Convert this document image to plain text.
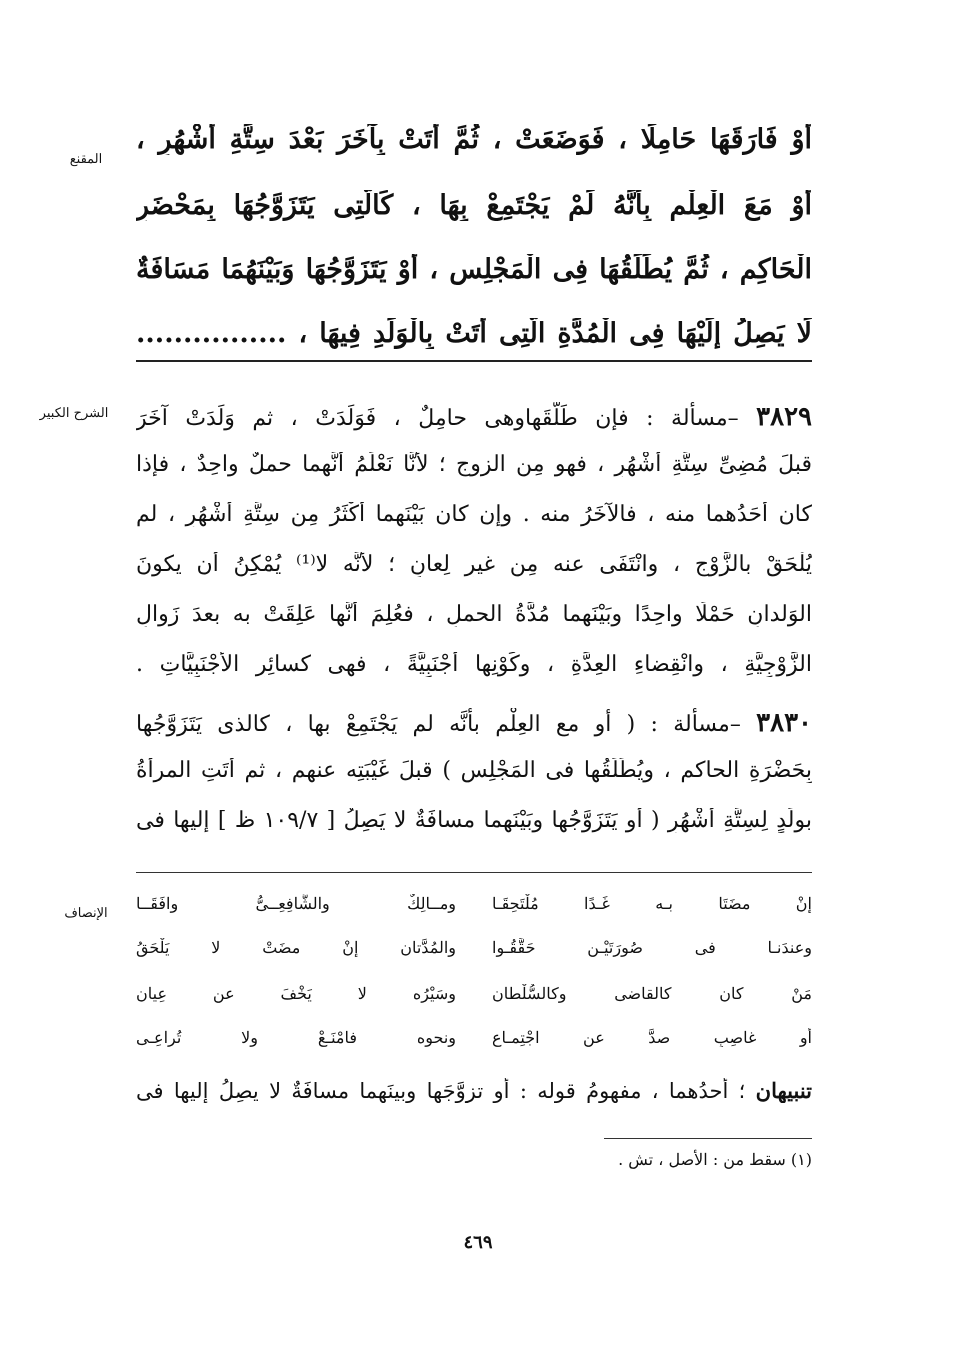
المقنع
الشرح الكبير
الإنصاف
أَوْ فَارَقَهَا حَامِلًا ، فَوَضَعَتْ ، ثُمَّ أَتَتْ بِآخَرَ بَعْدَ سِتَّةِ أَشْهُرٍ ،
أَوْ مَعَ الْعِلْمِ بِأَنَّهُ لَمْ يَجْتَمِعْ بِهَا ، كَالَّتِى يَتَزَوَّجُهَا بِمَحْضَرِ
الْحَاكِمِ ، ثُمَّ يُطَلِّقُهَا فِى الْمَجْلِسِ ، أَوْ يَتَزَوَّجُهَا وَبَيْنَهُمَا مَسَافَةٌ
لَا يَصِلُ إِلَيْهَا فِى الْمُدَّةِ الَّتِى أَتَتْ بِالْوَلَدِ فِيهَا ، ................
٣٨٢٩ –مسألة : فإن طَلَّقَهاوهى حامِلٌ ، فَوَلَدَتْ ، ثم وَلَدَتْ آخَرَ
قبلَ مُضِىِّ سِتَّةِ أشْهُرٍ ، فهو مِن الزوجِ ؛ لأنَّا نَعْلَمُ أنَّهما حملٌ واحِدٌ ، فإذا
كان أحَدُهما منه ، فالآخَرُ منه . وإن كان بَيْنَهما أكْثَرُ مِن سِتَّةِ أشْهُرٍ ، لم
يُلْحَقْ بالزَّوْجِ ، وانْتَفَى عنه مِن غيرِ لِعانٍ ؛ لأنَّه لا⁽¹⁾ يُمْكِنُ أن يكونَ
الوَلدانِ حَمْلًا واحِدًا وبَيْنَهما مُدَّةُ الحملِ ، فعُلِمَ أنَّها عَلِقَتْ به بعدَ زَوالِ
الزَّوْجِيَّةِ ، وانْقِضاءِ العِدَّةِ ، وكَوْنِها أجْنَبِيَّةً ، فهى كسائِرِ الأجْنَبِيَّاتِ .
٣٨٣٠ –مسألة : ( أو مع العِلْمِ بأنَّه لم يَجْتَمِعْ بها ، كالذى يَتَزَوَّجُها
بِحَضْرَةِ الحاكمِ ، ويُطَلِّقُها فى المَجْلِسِ ) قبلَ غَيْبَتِه عنهم ، ثم أتَتِ المرأةُ
بولَدٍ لِسِتَّةِ أشْهُرٍ ( أو يَتَزَوَّجُها وبَيْنَهما مسافَةٌ لا يَصِلُ [ ١٠٩/٧ ظ ] إليها فى
إنْ مضَتَا بـه غَـدًا مُلْتَحِقَـا
ومــالِكٌ والشَّافِعِــىُّ وافَقَــا
وعندَنـا فى صُورَتَيْـنِ حَقَّقُـوا
والمُدَّتانِ إنْ مضَتْ لا يَلْحَقُ
مَنْ كان كالقاضى وكالسُّلْطانِ
وسَيْرُه لا يَخْفَ عن عِيانِ
أو غاصِبٍ صدَّ عن اجْتِمـاعِ
ونحوِه فامْنَـعْ ولا تُراعِـى
تنبيهان ؛ أحدُهما ، مفهومُ قوله : أو تزوَّجَها وبينَهما مسافَةٌ لا يصِلُ إليها فى
(١) سقط من : الأصل ، تش .
٤٦٩
